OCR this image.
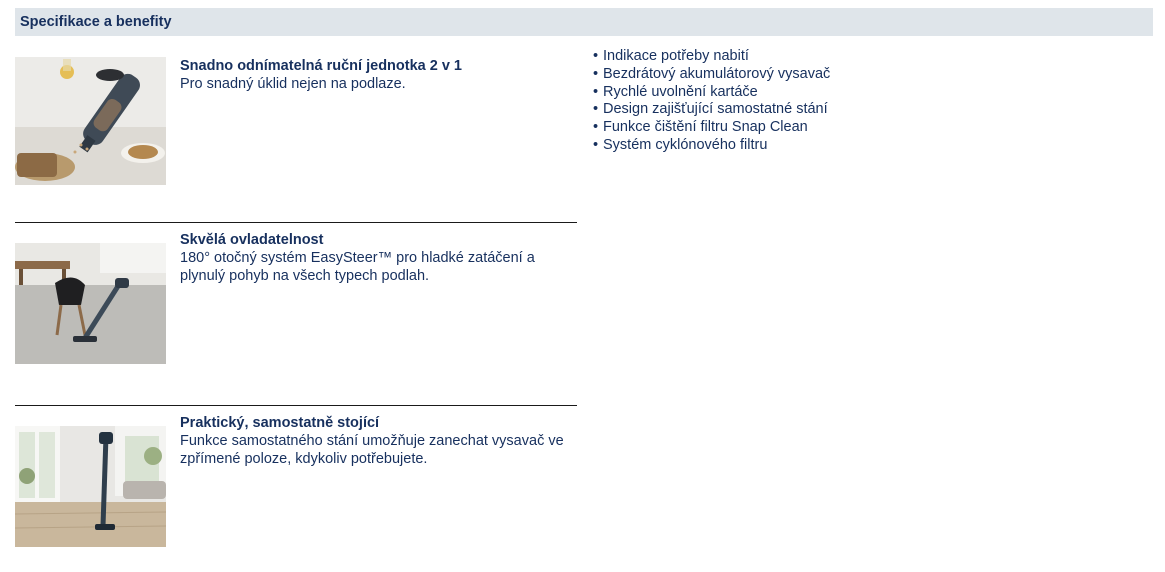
Specifikace a benefity
Snadno odnímatelná ruční jednotka 2 v 1
Pro snadný úklid nejen na podlaze.
Skvělá ovladatelnost
180° otočný systém EasySteer™ pro hladké zatáčení a plynulý pohyb na všech typech podlah.
Praktický, samostatně stojící
Funkce samostatného stání umožňuje zanechat vysavač ve zpřímené poloze, kdykoliv potřebujete.
• Indikace potřeby nabití
• Bezdrátový akumulátorový vysavač
• Rychlé uvolnění kartáče
• Design zajišťující samostatné stání
• Funkce čištění filtru Snap Clean
• Systém cyklónového filtru
